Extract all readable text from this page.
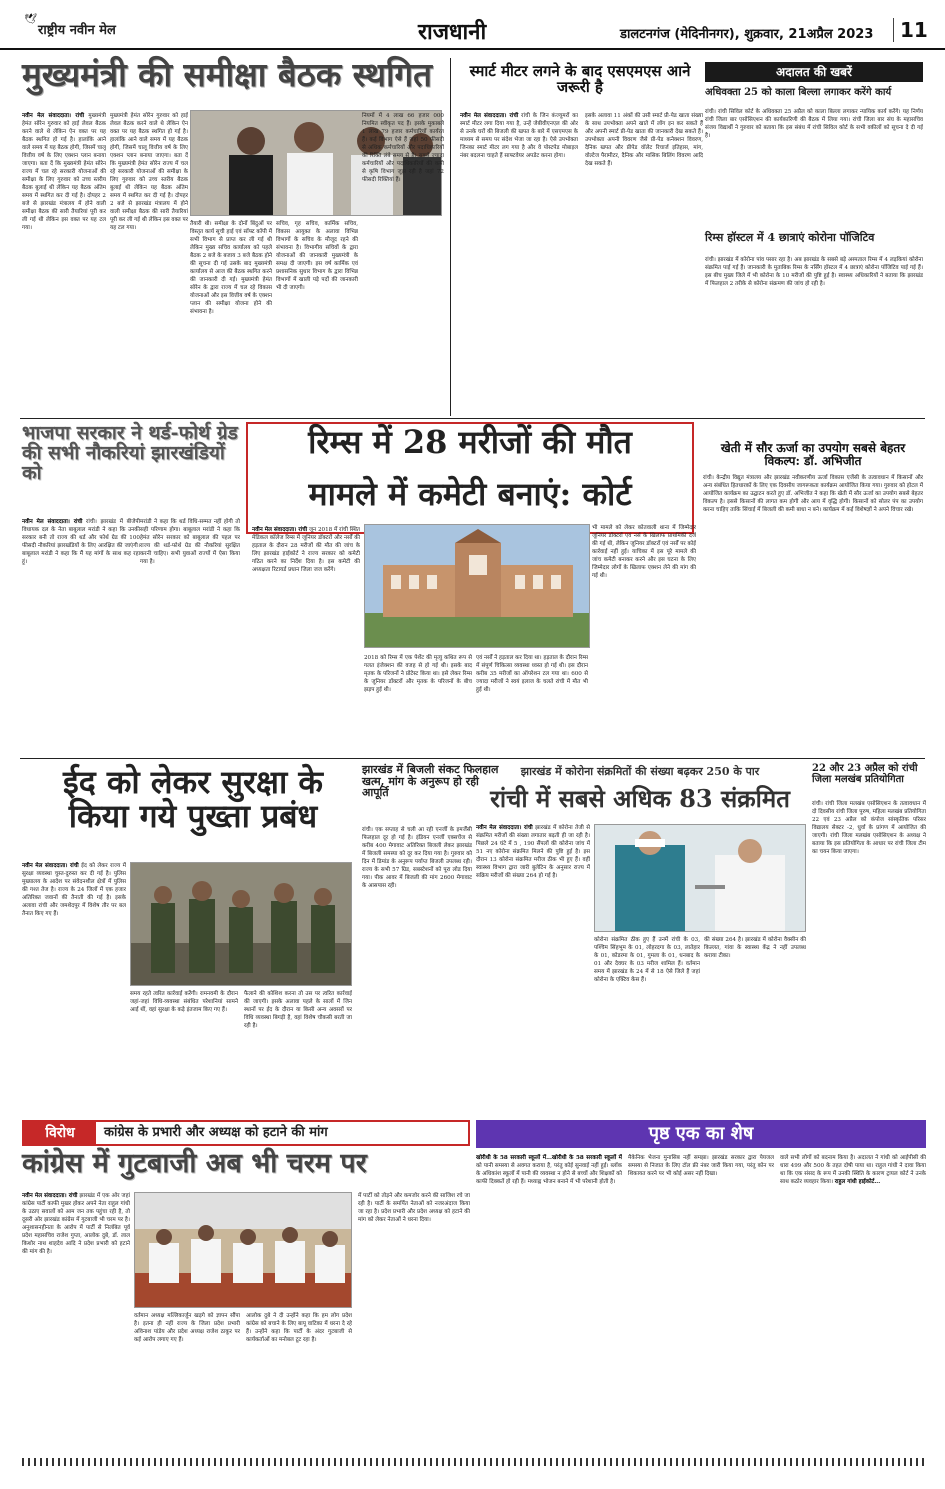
🕊
राष्ट्रीय नवीन मेल	राजधानी	डालटनगंज (मेदिनीनगर), शुक्रवार, 21अप्रैल 2023	11
मुख्यमंत्री की समीक्षा बैठक स्थगित
नवीन मेल संवाददाता। रांची मुख्यमंत्री हेमंत सोरेन गुरुवार को हाई लेवल बैठक करने वाले थे लेकिन ऐन वक्त पर यह बैठक स्थगित हो गई है। हालांकि आने वाले समय में यह बैठक होगी, जिसमें चालू वित्तीय वर्ष के लिए एक्शन प्लान बनाया जाएगा। बता दें कि मुख्यमंत्री हेमंत सोरेन राज्य में चल रहे सरकारी योजनाओं की समीक्षा के लिए गुरुवार को उच्च स्तरीय बैठक बुलाई थी लेकिन यह बैठक अंतिम समय में स्थगित कर दी गई है। दोपहर 2 बजे से झारखंड मंत्रालय में होने वाली समीक्षा बैठक की सारी तैयारियां पूरी कर ली गई थी लेकिन इस वक्त पर यह टल गया।
मुख्यमंत्री हेमंत सोरेन गुरुवार को हाई लेवल बैठक करने वाले थे लेकिन ऐन वक्त पर यह बैठक स्थगित हो गई है। हालांकि आने वाले समय में यह बैठक होगी, जिसमें चालू वित्तीय वर्ष के लिए एक्शन प्लान बनाया जाएगा। बता दें कि मुख्यमंत्री हेमंत सोरेन राज्य में चल रहे सरकारी योजनाओं की समीक्षा के लिए गुरुवार को उच्च स्तरीय बैठक बुलाई थी लेकिन यह बैठक अंतिम समय में स्थगित कर दी गई है। दोपहर 2 बजे से झारखंड मंत्रालय में होने वाली समीक्षा बैठक की सारी तैयारियां पूरी कर ली गई थी लेकिन इस वक्त पर यह टल गया।
तैयारी थी। समीक्षा के दोनों बिंदुओं पर विस्तृत कार्य सूची हाई एवं सॉफ्ट कॉपी में सभी विभाग से प्राप्त कर ली गई थी लेकिन मुख्य सचिव कार्यालय को पहले बैठक 2 बजे के बजाय 3 बजे बैठक होने की सूचना दी गई उसके बाद मुख्यमंत्री कार्यालय से आज की बैठक स्थगित करने की जानकारी दी गई। मुख्यमंत्री हेमंत सोरेन के द्वारा राज्य में चल रहे विकास योजनाओं और इस वित्तीय वर्ष के एक्शन प्लान की समीक्षा योजना होने की संभावना है।
सचिव, गृह सचिव, कार्मिक सचिव, विकास आयुक्त के अलावा विभिन्न विभागों के सचिव के मौजूद रहने की संभावना है। विभागीय सचिवों के द्वारा योजनाओं की जानकारी मुख्यमंत्री के समक्ष दी जाएगी। इस वर्ष कार्मिक एवं प्रशासनिक सुधार विभाग के द्वारा विभिन्न विभागों में खाली पड़े पदों की जानकारी भी दी जाएगी।
नियमों में 4 लाख 66 हजार 000 नियमित स्वीकृत पद हैं। इसके मुकाबले 1 लाख 79 हजार कर्मचारियों कार्यरत हैं। कई विभाग ऐसे हैं जहां 50 फीसदी से अधिक कर्मचारियों और पदाधिकारियों की रिक्ति लंबे समय से है। सबसे ज्यादा कर्मचारियों और पदाधिकारियों की कमी से कृषि विभाग जूझ रही है जहां 72 फीसदी रिक्तियां हैं।
स्मार्ट मीटर लगने के बाद एसएमएस आने जरूरी है
नवीन मेल संवाददाता। रांची रांची के जिन कंज्यूमरों का स्मार्ट मीटर लगा दिया गया है, उन्हें जेबीवीएनएल की ओर से उनके घरों की बिजली की खपत के बारे में एसएमएस के माध्यम से समय पर संदेश भेजा जा रहा है। ऐसे उपभोक्ता जिनका स्मार्ट मीटर लग गया है और वे पोस्टपेड मोबाइल नंबर बदलना चाहते हैं साफ्टवेयर अपडेट करना होगा।
इसके अलावा 11 अंकों की उसी स्मार्ट प्री-पेड खाता संख्या के साथ उपभोक्ता अपने खाते में लॉग इन कर सकते हैं और अपनी स्मार्ट प्री-पेड खाता की जानकारी देख सकते हैं। उपभोक्ता अपनी विवरण जैसे प्री-पेड कनेक्शन विवरण, दैनिक खपत और प्रीपेड वॉलेट रिचार्ज इतिहास, मांग, वोल्टेज पैरामीटर, दैनिक और मासिक बिलिंग विवरण आदि देख सकते हैं।
अदालत की खबरें
अधिवक्ता 25 को काला बिल्ला लगाकर करेंगे कार्य
रांची। रांची सिविल कोर्ट के अधिवक्ता 25 अप्रैल को काला बिल्ला लगाकर न्यायिक कार्य करेंगे। यह निर्णय रांची जिला बार एसोसिएशन की कार्यकारिणी की बैठक में लिया गया। रांची जिला बार संघ के महासचिव संजय विद्यार्थी ने गुरुवार को बताया कि इस संबंध में रांची सिविल कोर्ट के सभी वकीलों को सूचना दे दी गई है।
रिम्स हॉस्टल में 4 छात्राएं कोरोना पॉजिटिव
रांची। झारखंड में कोरोना पांव पसार रहा है। अब झारखंड के सबसे बड़े अस्पताल रिम्स में 4 लड़कियां कोरोना संक्रमित पाई गई हैं। जानकारी के मुताबिक रिम्स के नर्सिंग हॉस्टल में 4 छात्राएं कोरोना पॉजिटिव पाई गई हैं। इस बीच मुख्य जिले में भी कोरोना के 10 मरीजों की पुष्टि हुई है। स्वास्थ्य अधिकारियों ने बताया कि झारखंड में फिलहाल 2 तरीके से कोरोना संक्रमण की जांच हो रही है।
भाजपा सरकार ने थर्ड-फोर्थ ग्रेड की सभी नौकरियां झारखंडियों को
नवीन मेल संवाददाता। रांची रांची। झारखंड में बीजेपी विधायक दल के नेता बाबूलाल मरांडी ने कहा कि उनकी सरकार बनी तो राज्य की थर्ड और फोर्थ ग्रेड की 100 फीसदी नौकरियां झारखंडियों के लिए आरक्षित की जाएंगी। बाबूलाल मरांडी ने कहा कि मैं यह मांगों के साथ कह रहा हूं।
मरांडी ने कहा कि थर्ड विधि-सम्मत नहीं होगी तो सही परिणाम होगा। बाबूलाल मरांडी ने कहा कि हेमंत सोरेन सरकार को बाबूलाल की पहल पर राज्य की थर्ड-फोर्थ ग्रेड की नौकरियां सुरक्षित करनी चाहिए। सभी युवाओं राज्यों में ऐसा किया गया है।
रिम्स में 28 मरीजों की मौत
मामले में कमेटी बनाएं: कोर्ट
नवीन मेल संवाददाता। रांची जून 2018 में रांची स्थित मेडिकल कॉलेज रिम्स में जूनियर डॉक्टरों और नर्सों की हड़ताल के दौरान 28 मरीजों की मौत की जांच के लिए झारखंड हाईकोर्ट ने राज्य सरकार को कमेटी गठित करने का निर्देश दिया है। इस कमेटी की अध्यक्षता रिटायर्ड प्रधान जिला जज करेंगे।
2018 को रिम्स में एक पेशेंट की मृत्यु कथित रूप से गलत इंजेक्शन की वजह से हो गई थी। इसके बाद मृतक के परिजनों ने प्रोटेस्ट किया था। इसे लेकर रिम्स के जूनियर डॉक्टरों और मृतक के परिजनों के बीच झड़प हुई थी।
एवं नर्सों ने हड़ताल कर दिया था। हड़ताल के दौरान रिम्स में संपूर्ण चिकित्सा व्यवस्था ध्वस्त हो गई थी। इस दौरान करीब 35 मरीजों का ऑपरेशन टल गया था। 600 से ज्यादा मरीजों ने स्वयं इलाज के चलते रांची में मौत भी हुई थी।
भी मामले को लेकर कोतवाली थाना में जिम्मेदार जूनियर डॉक्टरों एवं नर्स के खिलाफ प्राथमिकी दर्ज की गई थी, लेकिन जूनियर डॉक्टरों एवं नर्सों पर कोई कार्रवाई नहीं हुई। याचिका में इस पूरे मामले की जांच कमेटी बनाकर करने और इस घटना के लिए जिम्मेदार लोगों के खिलाफ एक्शन लेने की मांग की गई थी।
खेती में सौर ऊर्जा का उपयोग सबसे बेहतर विकल्प: डॉ. अभिजीत
रांची। केन्द्रीय विद्युत मंत्रालय और झारखंड नवीकरणीय ऊर्जा विकास एजेंसी के तत्वावधान में किसानों और अन्य संबंधित हितधारकों के लिए एक दिवसीय जागरूकता कार्यक्रम आयोजित किया गया। गुरुवार को होटल में आयोजित कार्यक्रम का उद्घाटन करते हुए डॉ. अभिजीत ने कहा कि खेती में सौर ऊर्जा का उपयोग सबसे बेहतर विकल्प है। इससे किसानों की लागत कम होगी और आय में वृद्धि होगी। किसानों को सोलर पंप का उपयोग करना चाहिए ताकि सिंचाई में बिजली की कमी बाधा न बने। कार्यक्रम में कई विशेषज्ञों ने अपने विचार रखे।
ईद को लेकर सुरक्षा के किया गये पुख्ता प्रबंध
नवीन मेल संवाददाता। रांची ईद को लेकर राज्य में सुरक्षा व्यवस्था चुस्त-दुरुस्त कर दी गई है। पुलिस मुख्यालय के आदेश पर संवेदनशील क्षेत्रों में पुलिस की गश्त तेज है। राज्य के 24 जिलों में एक हजार अतिरिक्त जवानों की तैनाती की गई है। इसके अलावा रांची और जमशेदपुर में विशेष तौर पर बल तैनात किए गए हैं।
समय रहते त्वरित कार्रवाई करेंगी। रामनवमी के दौरान जहां-जहां विधि-व्यवस्था संबंधित परेशानियां सामने आई थीं, वहां सुरक्षा के कड़े इंतजाम किए गए हैं।
फैलाने की कोशिश करना तो उस पर त्वरित कार्रवाई की जाएगी। इसके अलावा पहले के सालों में जिन स्थानों पर ईद के दौरान या किसी अन्य अवसरों पर विधि व्यवस्था बिगड़ी है, वहां विशेष चौकसी बरती जा रही है।
झारखंड में बिजली संकट फिलहाल खत्म, मांग के अनुरूप हो रही आपूर्ति
रांची। एक सप्ताह से चली आ रही एनर्जी के इमर्जेंसी फिलहाल दूर हो गई है। इंडियन एनर्जी एक्सचेंज से करीब 400 मेगावाट अतिरिक्त बिजली लेकर झारखंड में बिजली समस्या को दूर कर दिया गया है। गुरुवार को दिन में डिमांड के अनुरूप पर्याप्त बिजली उपलब्ध रही। राज्य के सभी 57 ग्रिड, सबस्टेशनों को पूरा लोड दिया गया। पीक आवर में बिजली की मांग 2600 मेगावाट के आसपास रही।
झारखंड में कोरोना संक्रमितों की संख्या बढ़कर 250 के पार
रांची में सबसे अधिक 83 संक्रमित
नवीन मेल संवाददाता। रांची झारखंड में कोरोना तेजी से संक्रमित मरीजों की संख्या लगातार बढ़ती ही जा रही है। पिछले 24 घंटे में 5 , 190 सैंपलों की कोरोना जांच में 51 नए कोरोना संक्रमित मिलने की पुष्टि हुई है। इस दौरान 13 कोरोना संक्रमित मरीज ठीक भी हुए हैं। वहीं स्वास्थ्य विभाग द्वारा जारी बुलेटिन के अनुसार राज्य में सक्रिय मरीजों की संख्या 264 हो गई है।
कोरोना संक्रमित ठीक हुए हैं उनमें रांची के 03, पश्चिम सिंहभूम के 01, लोहरदगा के 03, लातेहार के 01, कोडरमा के 01, गुमला के 01, धनबाद के 01 और देवघर के 03 मरीज शामिल हैं। वर्तमान समय में झारखंड के 24 में से 18 ऐसे जिले हैं जहां कोरोना के एक्टिव केस हैं।
की संख्या 264 है। झारखंड में कोरोना वैक्सीन की किल्लत, गांवा के स्वास्थ्य केंद्र ने नहीं उपलब्ध कराया टीका।
22 और 23 अप्रैल को रांची जिला मलखंब प्रतियोगिता
रांची। रांची जिला मलखंब एसोसिएशन के तत्वावधान में दो दिवसीय रांची जिला पुरुष, महिला मलखंब प्रतियोगिता 22 एवं 23 अप्रैल को कंपोज सांस्कृतिक परिसर विद्यालय सेक्टर -2, धुर्वा के प्रांगण में आयोजित की जाएगी। रांची जिला मलखंब एसोसिएशन के अध्यक्ष ने बताया कि इस प्रतियोगिता के आधार पर रांची जिला टीम का चयन किया जाएगा।
पृष्ठ एक का शेष
खोरीधी के 58 सरकारी स्कूलों में...खोरीधी के 58 सरकारी स्कूलों में को पानी समस्या से अवगत कराया है, परंतु कोई सुनवाई नहीं हुई। ब्लॉक के अधिकांश स्कूलों में पानी की व्यवस्था न होने से बच्चों और शिक्षकों को काफी दिक्कतें हो रही हैं। मध्याह्न भोजन बनाने में भी परेशानी होती है।
मैकेनिक भेजना मुनासिब नहीं समझा। झारखंड सरकार द्वारा पेयजल समस्या से निजात के लिए टॉल फ्री नंबर जारी किया गया, परंतु कोन पर शिकायत करने पर भी कोई असर नहीं दिखा।
वाले सभी लोगों को बदनाम किया है। अदालत ने गांधी को आईपीसी की धारा 499 और 500 के तहत दोषी पाया था। राहुल गांधी ने दावा किया था कि एक संसद के रूप में उनकी स्थिति के कारण ट्रायल कोर्ट ने उनके साथ कठोर व्यवहार किया। राहुल गांधी हाईकोर्ट...
विरोध	कांग्रेस के प्रभारी और अध्यक्ष को हटाने की मांग
कांग्रेस में गुटबाजी अब भी चरम पर
नवीन मेल संवाददाता। रांची झारखंड में एक ओर जहां कांग्रेस पार्टी काफी मुखर होकर अपने नेता राहुल गांधी के उठाए सवालों को आम जन तक पहुंचा रही है, तो दूसरी ओर झारखंड कांग्रेस में गुटबाजी भी चरम पर है। अनुशासनहीनता के आरोप में पार्टी से निलंबित पूर्व प्रदेश महासचिव राजेश गुप्ता, आलोक दुबे, डॉ. लाल किशोर नाथ शाहदेव आदि ने प्रदेश प्रभारी को हटाने की मांग की है।
वर्तमान अध्यक्ष मल्लिकार्जुन खड़गे को ज्ञापन सौंपा है। इतना ही नहीं राज्य के जिला प्रदेश प्रभारी अविनाश पांडेय और प्रदेश अध्यक्ष राजेश ठाकुर पर कई आरोप लगाए गए हैं।
आलोक दुबे ने दी उन्होंने कहा कि हम लोग प्रदेश कांग्रेस को बचाने के लिए बापू वाटिका में धरना दे रहे हैं। उन्होंने कहा कि पार्टी के अंदर गुटबाजी से कार्यकर्ताओं का मनोबल टूट रहा है।
में पार्टी को तोड़ने और कमजोर करने की साजिश रचे जा रही है। पार्टी के समर्पित नेताओं को नजरअंदाज किया जा रहा है। प्रदेश प्रभारी और प्रदेश अध्यक्ष को हटाने की मांग को लेकर नेताओं ने धरना दिया।
